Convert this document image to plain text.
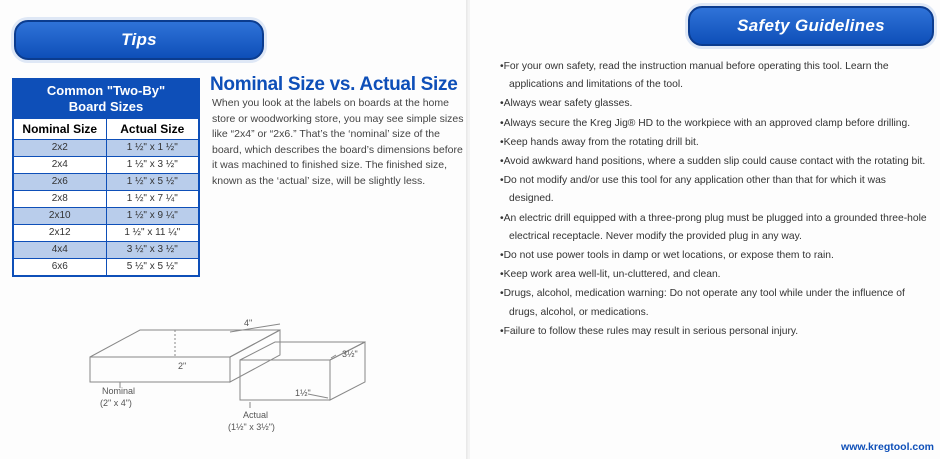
Tips
Common "Two-By"
Board Sizes
Nominal Size	Actual Size
2x2	1 ½" x 1 ½"
2x4	1 ½" x 3 ½"
2x6	1 ½" x 5 ½"
2x8	1 ½" x 7 ¼"
2x10	1 ½" x 9 ¼"
2x12	1 ½" x 11 ¼"
4x4	3 ½" x 3 ½"
6x6	5 ½" x 5 ½"
Nominal Size vs. Actual Size

When you look at the labels on boards at the home store or woodworking store, you may see simple sizes like “2x4” or “2x6.” That’s the ‘nominal’ size of the board, which describes the board’s dimensions before it was machined to finished size. The finished size, known as the ‘actual’ size, will be slightly less.

4"
2"
3½"
1½"
Nominal
(2" x 4")
Actual
(1½" x 3½")
Safety Guidelines
• For your own safety, read the instruction manual before operating this tool. Learn the applications and limitations of the tool.
• Always wear safety glasses.
• Always secure the Kreg Jig® HD to the workpiece with an approved clamp before drilling.
• Keep hands away from the rotating drill bit.
• Avoid awkward hand positions, where a sudden slip could cause contact with the rotating bit.
• Do not modify and/or use this tool for any application other than that for which it was designed.
• An electric drill equipped with a three-prong plug must be plugged into a grounded three-hole electrical receptacle. Never modify the provided plug in any way.
• Do not use power tools in damp or wet locations, or expose them to rain.
• Keep work area well-lit, un-cluttered, and clean.
• Drugs, alcohol, medication warning: Do not operate any tool while under the influence of drugs, alcohol, or medications.
• Failure to follow these rules may result in serious personal injury.
www.kregtool.com
